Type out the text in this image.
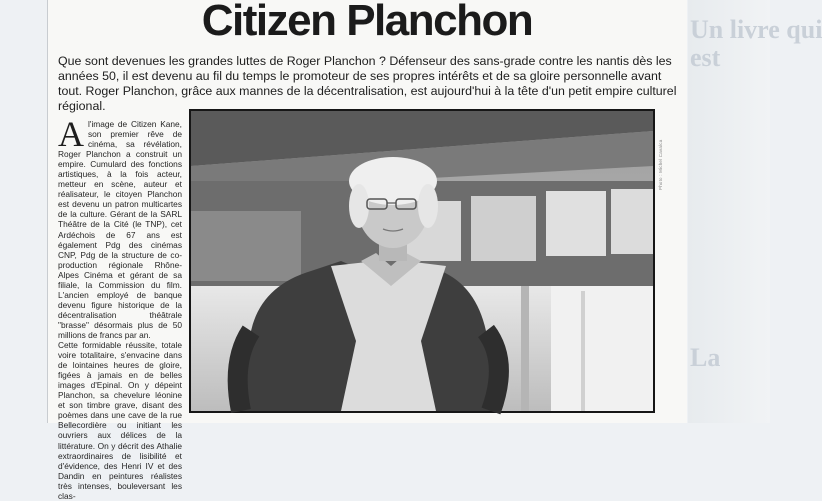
Un livre qui
est
La
Citizen Planchon

Que sont devenues les grandes luttes de Roger Planchon ? Défenseur des sans-grade contre les nantis dès les années 50, il est devenu au fil du temps le promoteur de ses propres intérêts et de sa gloire personnelle avant tout. Roger Planchon, grâce aux mannes de la décentralisation, est aujourd'hui à la tête d'un petit empire culturel régional.

A l'image de Citizen Kane, son premier rêve de cinéma, sa révélation, Roger Planchon a construit un empire. Cumulard des fonctions artistiques, à la fois acteur, metteur en scène, auteur et réalisateur, le citoyen Planchon est devenu un patron multicartes de la culture. Gérant de la SARL Théâtre de la Cité (le TNP), cet Ardéchois de 67 ans est également Pdg des cinémas CNP, Pdg de la structure de co-production régionale Rhône-Alpes Cinéma et gérant de sa filiale, la Commission du film. L'ancien employé de banque devenu figure historique de la décentralisation théâtrale "brasse" désormais plus de 50 millions de francs par an.

Cette formidable réussite, totale voire totalitaire, s'envacine dans de lointaines heures de gloire, figées à jamais en de belles images d'Epinal. On y dépeint Planchon, sa chevelure léonine et son timbre grave, disant des poèmes dans une cave de la rue Bellecordière ou initiant les ouvriers aux délices de la littérature. On y décrit des Athalie extraordinaires de lisibilité et d'évidence, des Henri IV et des Dandin en peintures réalistes très intenses, bouleversant les clas-

Photo : Michel Cavalca
